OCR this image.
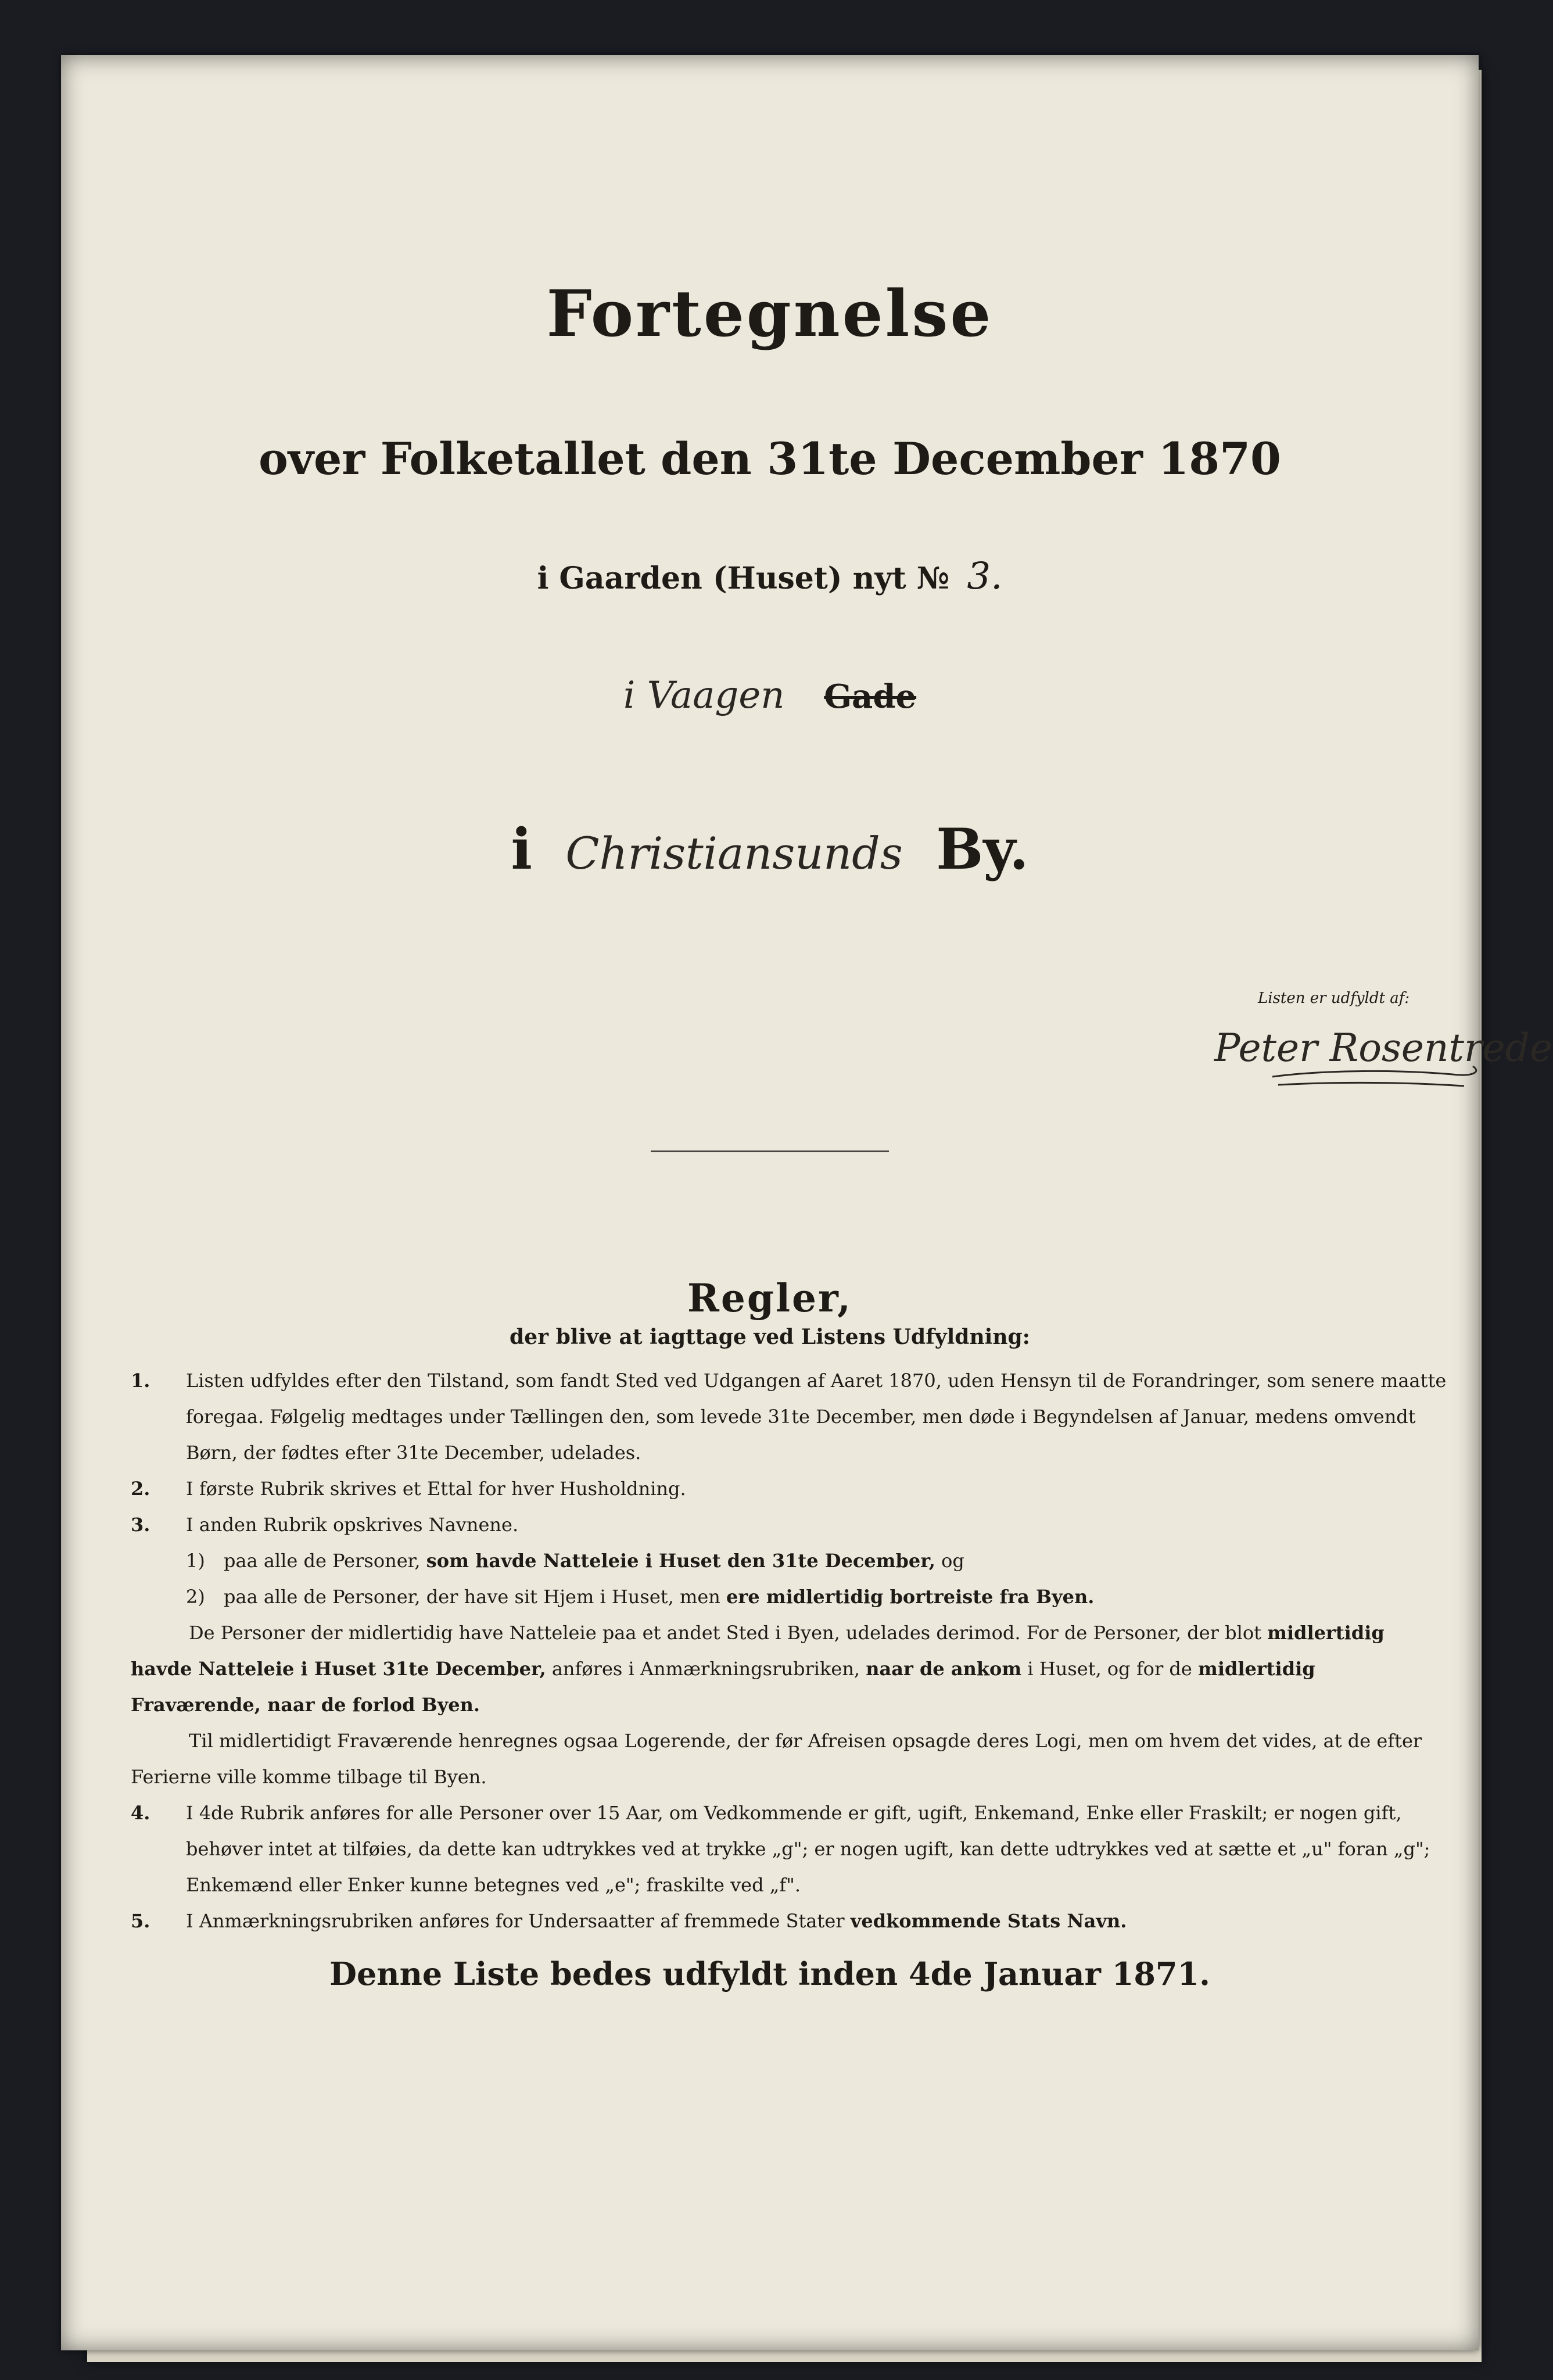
Fortegnelse
over Folketallet den 31te December 1870
i Gaarden (Huset) nyt № 3.
i Vaagen Gade
i Christiansunds By.
Listen er udfyldt af:
Peter Rosentrede
Regler,
der blive at iagttage ved Listens Udfyldning:
1. Listen udfyldes efter den Tilstand, som fandt Sted ved Udgangen af Aaret 1870, uden Hensyn til de Forandringer, som senere maatte foregaa. Følgelig medtages under Tællingen den, som levede 31te December, men døde i Begyndelsen af Januar, medens omvendt Børn, der fødtes efter 31te December, udelades.
2. I første Rubrik skrives et Ettal for hver Husholdning.
3. I anden Rubrik opskrives Navnene.
1) paa alle de Personer, som havde Natteleie i Huset den 31te December, og
2) paa alle de Personer, der have sit Hjem i Huset, men ere midlertidig bortreiste fra Byen.
De Personer der midlertidig have Natteleie paa et andet Sted i Byen, udelades derimod. For de Personer, der blot midlertidig havde Natteleie i Huset 31te December, anføres i Anmærkningsrubriken, naar de ankom i Huset, og for de midlertidig Fraværende, naar de forlod Byen.
Til midlertidigt Fraværende henregnes ogsaa Logerende, der før Afreisen opsagde deres Logi, men om hvem det vides, at de efter Ferierne ville komme tilbage til Byen.
4. I 4de Rubrik anføres for alle Personer over 15 Aar, om Vedkommende er gift, ugift, Enkemand, Enke eller Fraskilt; er nogen gift, behøver intet at tilføies, da dette kan udtrykkes ved at trykke „g"; er nogen ugift, kan dette udtrykkes ved at sætte et „u" foran „g"; Enkemænd eller Enker kunne betegnes ved „e"; fraskilte ved „f".
5. I Anmærkningsrubriken anføres for Undersaatter af fremmede Stater vedkommende Stats Navn.
Denne Liste bedes udfyldt inden 4de Januar 1871.
